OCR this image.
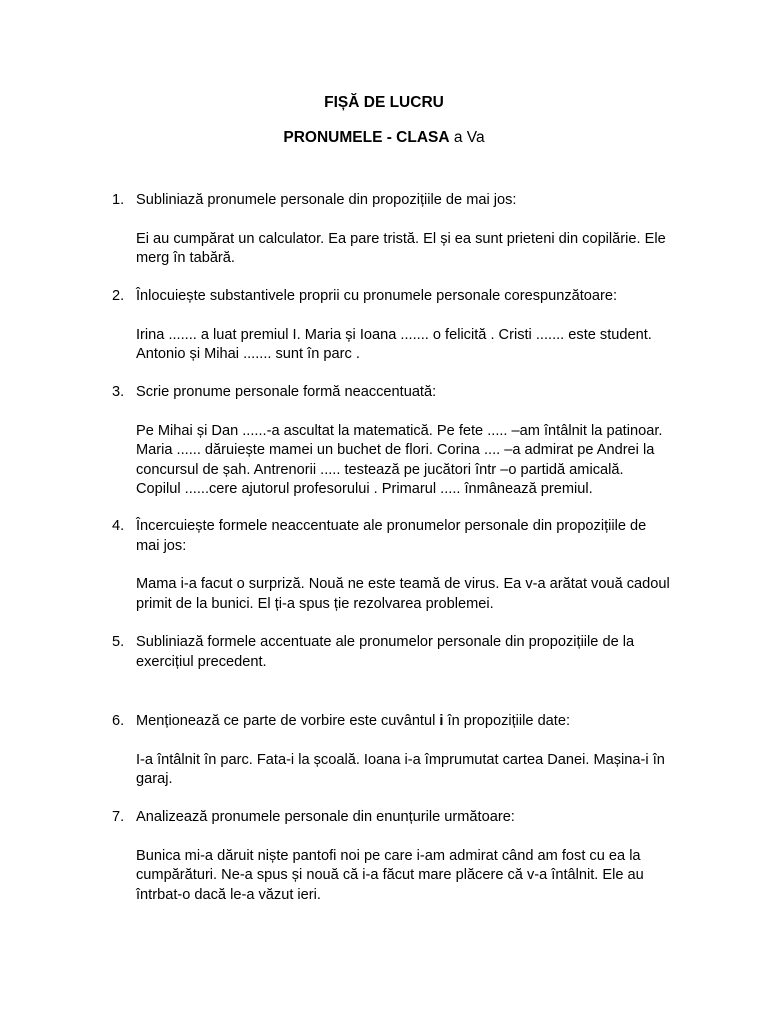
FIȘĂ DE LUCRU
PRONUMELE - CLASA a Va

1. Subliniază pronumele personale din propozițiile de mai jos:

Ei au cumpărat un calculator. Ea pare tristă. El și ea sunt prieteni din copilărie. Ele merg în tabără.

2. Înlocuiește substantivele proprii cu pronumele personale corespunzătoare:

Irina ....... a luat premiul I. Maria și Ioana ....... o felicită . Cristi ....... este student. Antonio și Mihai ....... sunt în parc .

3. Scrie pronume personale formă neaccentuată:

Pe Mihai și Dan ......-a ascultat la matematică. Pe fete ..... –am întâlnit la patinoar. Maria ...... dăruiește mamei un buchet de flori. Corina .... –a admirat pe Andrei la concursul de șah. Antrenorii ..... testează pe jucători într –o partidă amicală. Copilul ......cere ajutorul profesorului . Primarul ..... înmânează premiul.

4. Încercuiește formele neaccentuate ale pronumelor personale din propozițiile de mai jos:

Mama i-a facut o surpriză. Nouă ne este teamă de virus. Ea v-a arătat vouă cadoul primit de la bunici. El ți-a spus ție rezolvarea problemei.

5. Subliniază formele accentuate ale pronumelor personale din propozițiile de la exercițiul precedent.

6. Menționează ce parte de vorbire este cuvântul i în propozițiile date:

I-a întâlnit în parc. Fata-i la școală. Ioana i-a împrumutat cartea Danei. Mașina-i în garaj.

7. Analizează pronumele personale din enunțurile următoare:

Bunica mi-a dăruit niște pantofi noi pe care i-am admirat când am fost cu ea la cumpărături. Ne-a spus și nouă că i-a făcut mare plăcere că v-a întâlnit. Ele au întrbat-o dacă le-a văzut ieri.
